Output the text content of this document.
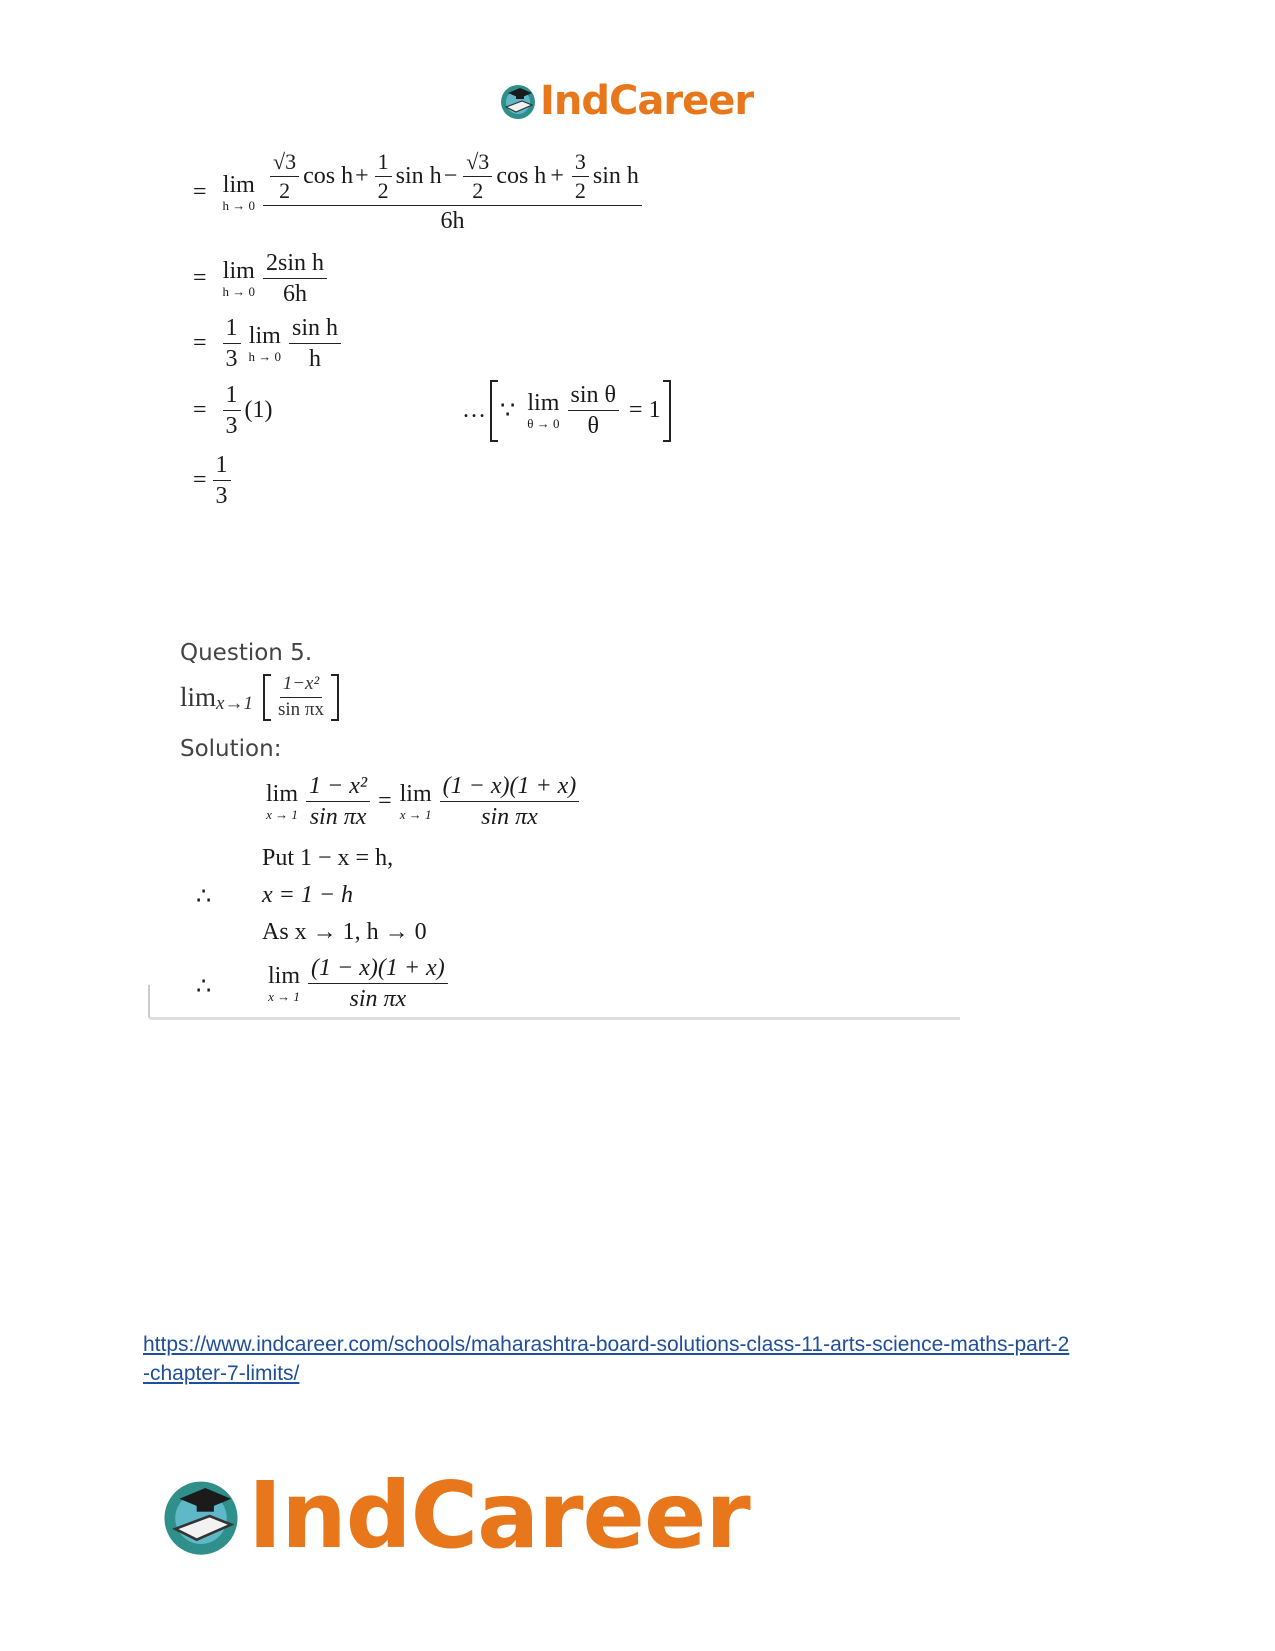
IndCareer
= lim
h → 0
$\frac{√3}{2}$ $\cos h + \frac{1}{2}$ $\sin h - \frac{√3}{2}$ $\cos h + \frac{3}{2}$ sin h
6h
= lim
$h \to 0 \frac{\text{2sin h}}{6h}$
= $\frac{1}{3}$ lim
$h \to 0 \frac{\text{sin h}}{h}$
= $\frac{1}{3} (1)$	… ∵ lim
$\theta \to 0 \frac{\text{sin θ}}{\theta} = 1$
= $\frac{1}{3}$
Question 5.
$\lim x\to 1 \frac{\text{1−x²}}{\text{sin πx}}$
Solution:
lim
$x \to 1 \frac{\text{1 − x²}}{\text{sin πx}} = \lim$
$x \to 1 \frac{(1 - x)(1 + x)}{\text{sin πx}}$
Put 1 − x = h,
∴ x = 1 − h
As x → 1, h → 0
∴ lim
$x \to 1 \frac{(1 - x)(1 + x)}{\text{sin πx}}$
https://www.indcareer.com/schools/maharashtra-board-solutions-class-11-arts-science-maths-part-2-chapter-7-limits/
IndCareer
